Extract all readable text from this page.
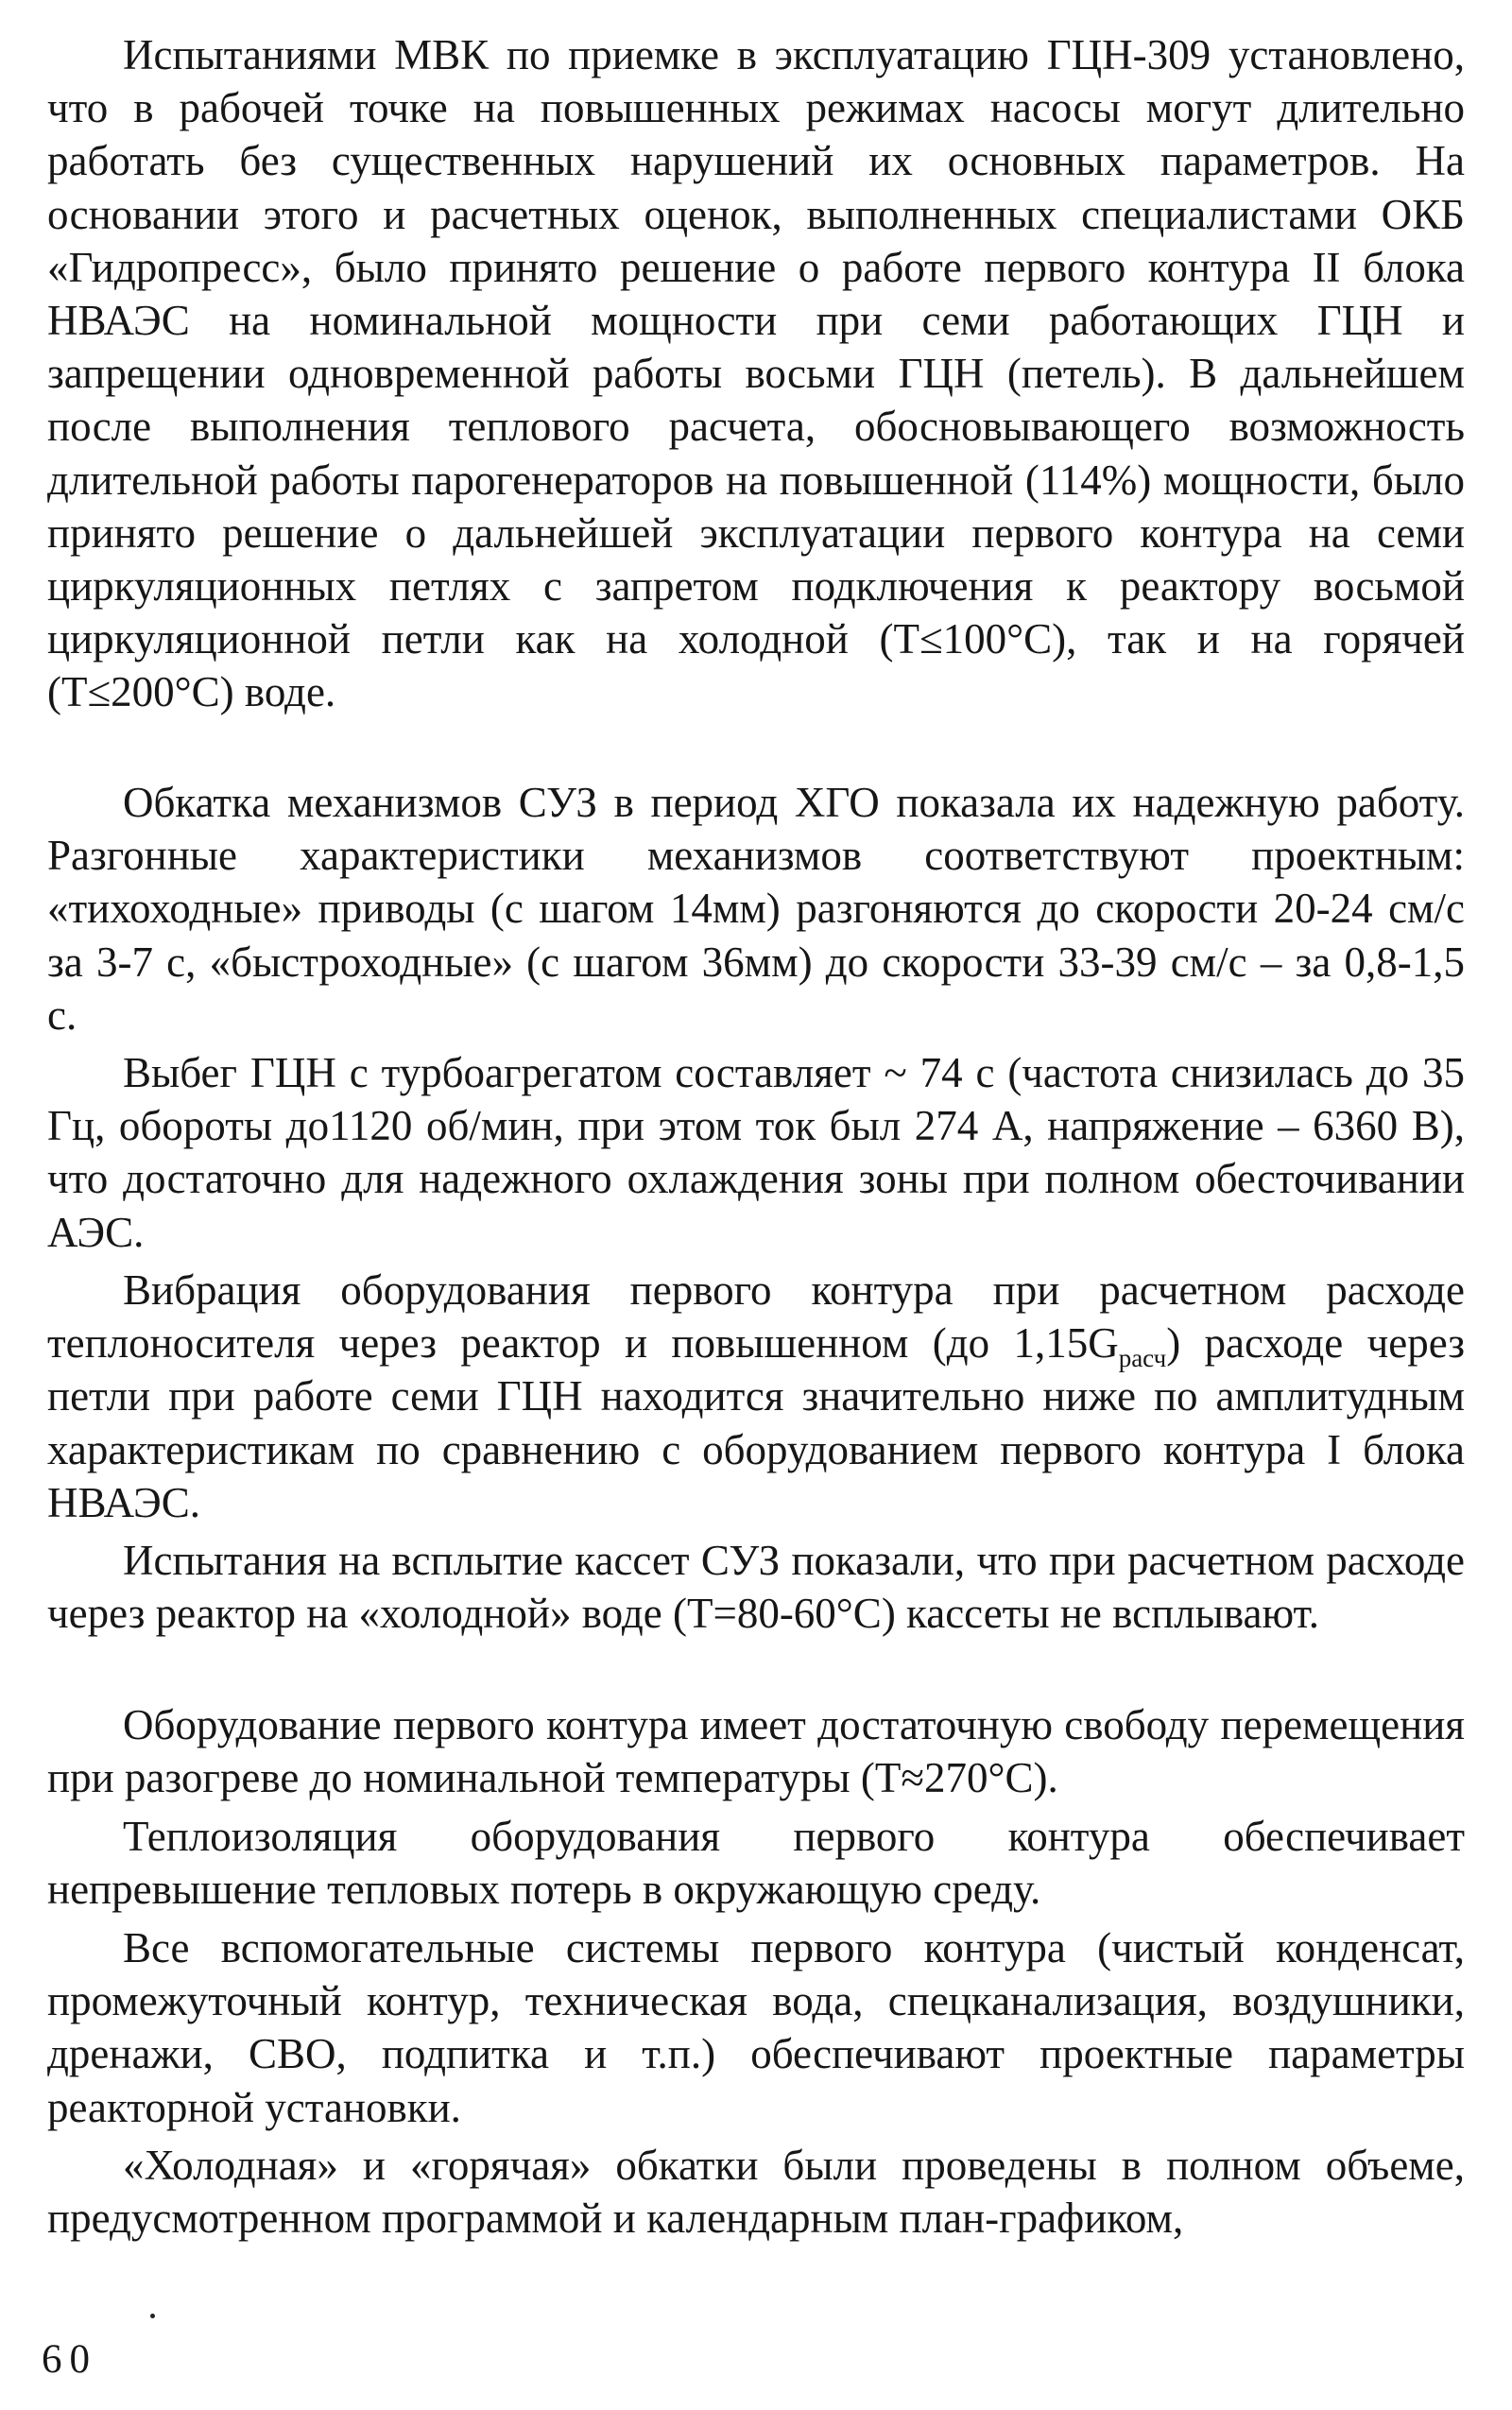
Испытаниями МВК по приемке в эксплуатацию ГЦН-309 установлено, что в рабочей точке на повышенных режимах насосы могут длительно работать без существенных нарушений их основных параметров. На основании этого и расчетных оценок, выполненных специалистами ОКБ «Гидропресс», было принято решение о работе первого контура II блока НВАЭС на номинальной мощности при семи работающих ГЦН и запрещении одновременной работы восьми ГЦН (петель). В дальнейшем после выполнения теплового расчета, обосновывающего возможность длительной работы парогенераторов на повышенной (114%) мощности, было принято решение о дальнейшей эксплуатации первого контура на семи циркуляционных петлях с запретом подключения к реактору восьмой циркуляционной петли как на холодной (Т≤100°С), так и на горячей (Т≤200°С) воде.

Обкатка механизмов СУЗ в период ХГО показала их надежную работу. Разгонные характеристики механизмов соответствуют проектным: «тихоходные» приводы (с шагом 14мм) разгоняются до скорости 20-24 см/с за 3-7 с, «быстроходные» (с шагом 36мм) до скорости 33-39 см/с – за 0,8-1,5 с.

Выбег ГЦН с турбоагрегатом составляет ~ 74 с (частота снизилась до 35 Гц, обороты до1120 об/мин, при этом ток был 274 А, напряжение – 6360 В), что достаточно для надежного охлаждения зоны при полном обесточивании АЭС.

Вибрация оборудования первого контура при расчетном расходе теплоносителя через реактор и повышенном (до $1,15G_{расч}$) расходе через петли при работе семи ГЦН находится значительно ниже по амплитудным характеристикам по сравнению с оборудованием первого контура I блока НВАЭС.

Испытания на всплытие кассет СУЗ показали, что при расчетном расходе через реактор на «холодной» воде (Т=80-60°С) кассеты не всплывают.

Оборудование первого контура имеет достаточную свободу перемещения при разогреве до номинальной температуры (Т≈270°С).

Теплоизоляция оборудования первого контура обеспечивает непревышение тепловых потерь в окружающую среду.

Все вспомогательные системы первого контура (чистый конденсат, промежуточный контур, техническая вода, спецканализация, воздушники, дренажи, СВО, подпитка и т.п.) обеспечивают проектные параметры реакторной установки.

«Холодная» и «горячая» обкатки были проведены в полном объеме, предусмотренном программой и календарным план-графиком,

60
